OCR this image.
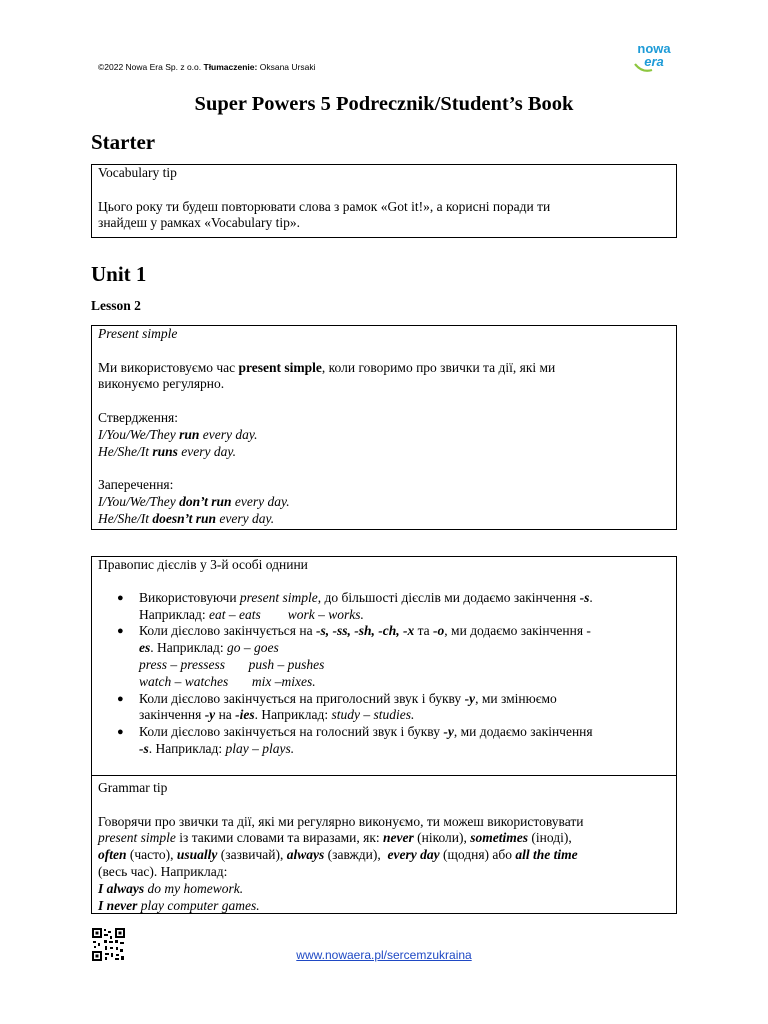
©2022 Nowa Era Sp. z o.o. Tłumaczenie: Oksana Ursaki
nowa
era
Super Powers 5 Podrecznik/Student’s Book
Starter
Vocabulary tip
Цього року ти будеш повторювати слова з рамок «Got it!», а корисні поради ти
знайдеш у рамках «Vocabulary tip».
Unit 1
Lesson 2
Present simple
Ми використовуємо час present simple, коли говоримо про звички та дії, які ми
виконуємо регулярно.
Ствердження:
I/You/We/They run every day.
He/She/It runs every day.
Заперечення:
I/You/We/They don’t run every day.
He/She/It doesn’t run every day.
Правопис дієслів у 3-й особі однини
● Використовуючи present simple, до більшості дієслів ми додаємо закінчення -s.
Наприклад: eat – eats        work – works.
● Коли дієслово закінчується на -s, -ss, -sh, -ch, -x та -o, ми додаємо закінчення -
es. Наприклад: go – goes
press – pressess       push – pushes
watch – watches       mix –mixes.
● Коли дієслово закінчується на приголосний звук і букву -y, ми змінюємо
закінчення -y на -ies. Наприклад: study – studies.
● Коли дієслово закінчується на голосний звук і букву -y, ми додаємо закінчення
-s. Наприклад: play – plays.
Grammar tip
Говорячи про звички та дії, які ми регулярно виконуємо, ти можеш використовувати
present simple із такими словами та виразами, як: never (ніколи), sometimes (іноді),
often (часто), usually (зазвичай), always (завжди),  every day (щодня) або all the time
(весь час). Наприклад:
I always do my homework.
I never play computer games.
www.nowaera.pl/sercemzukraina
